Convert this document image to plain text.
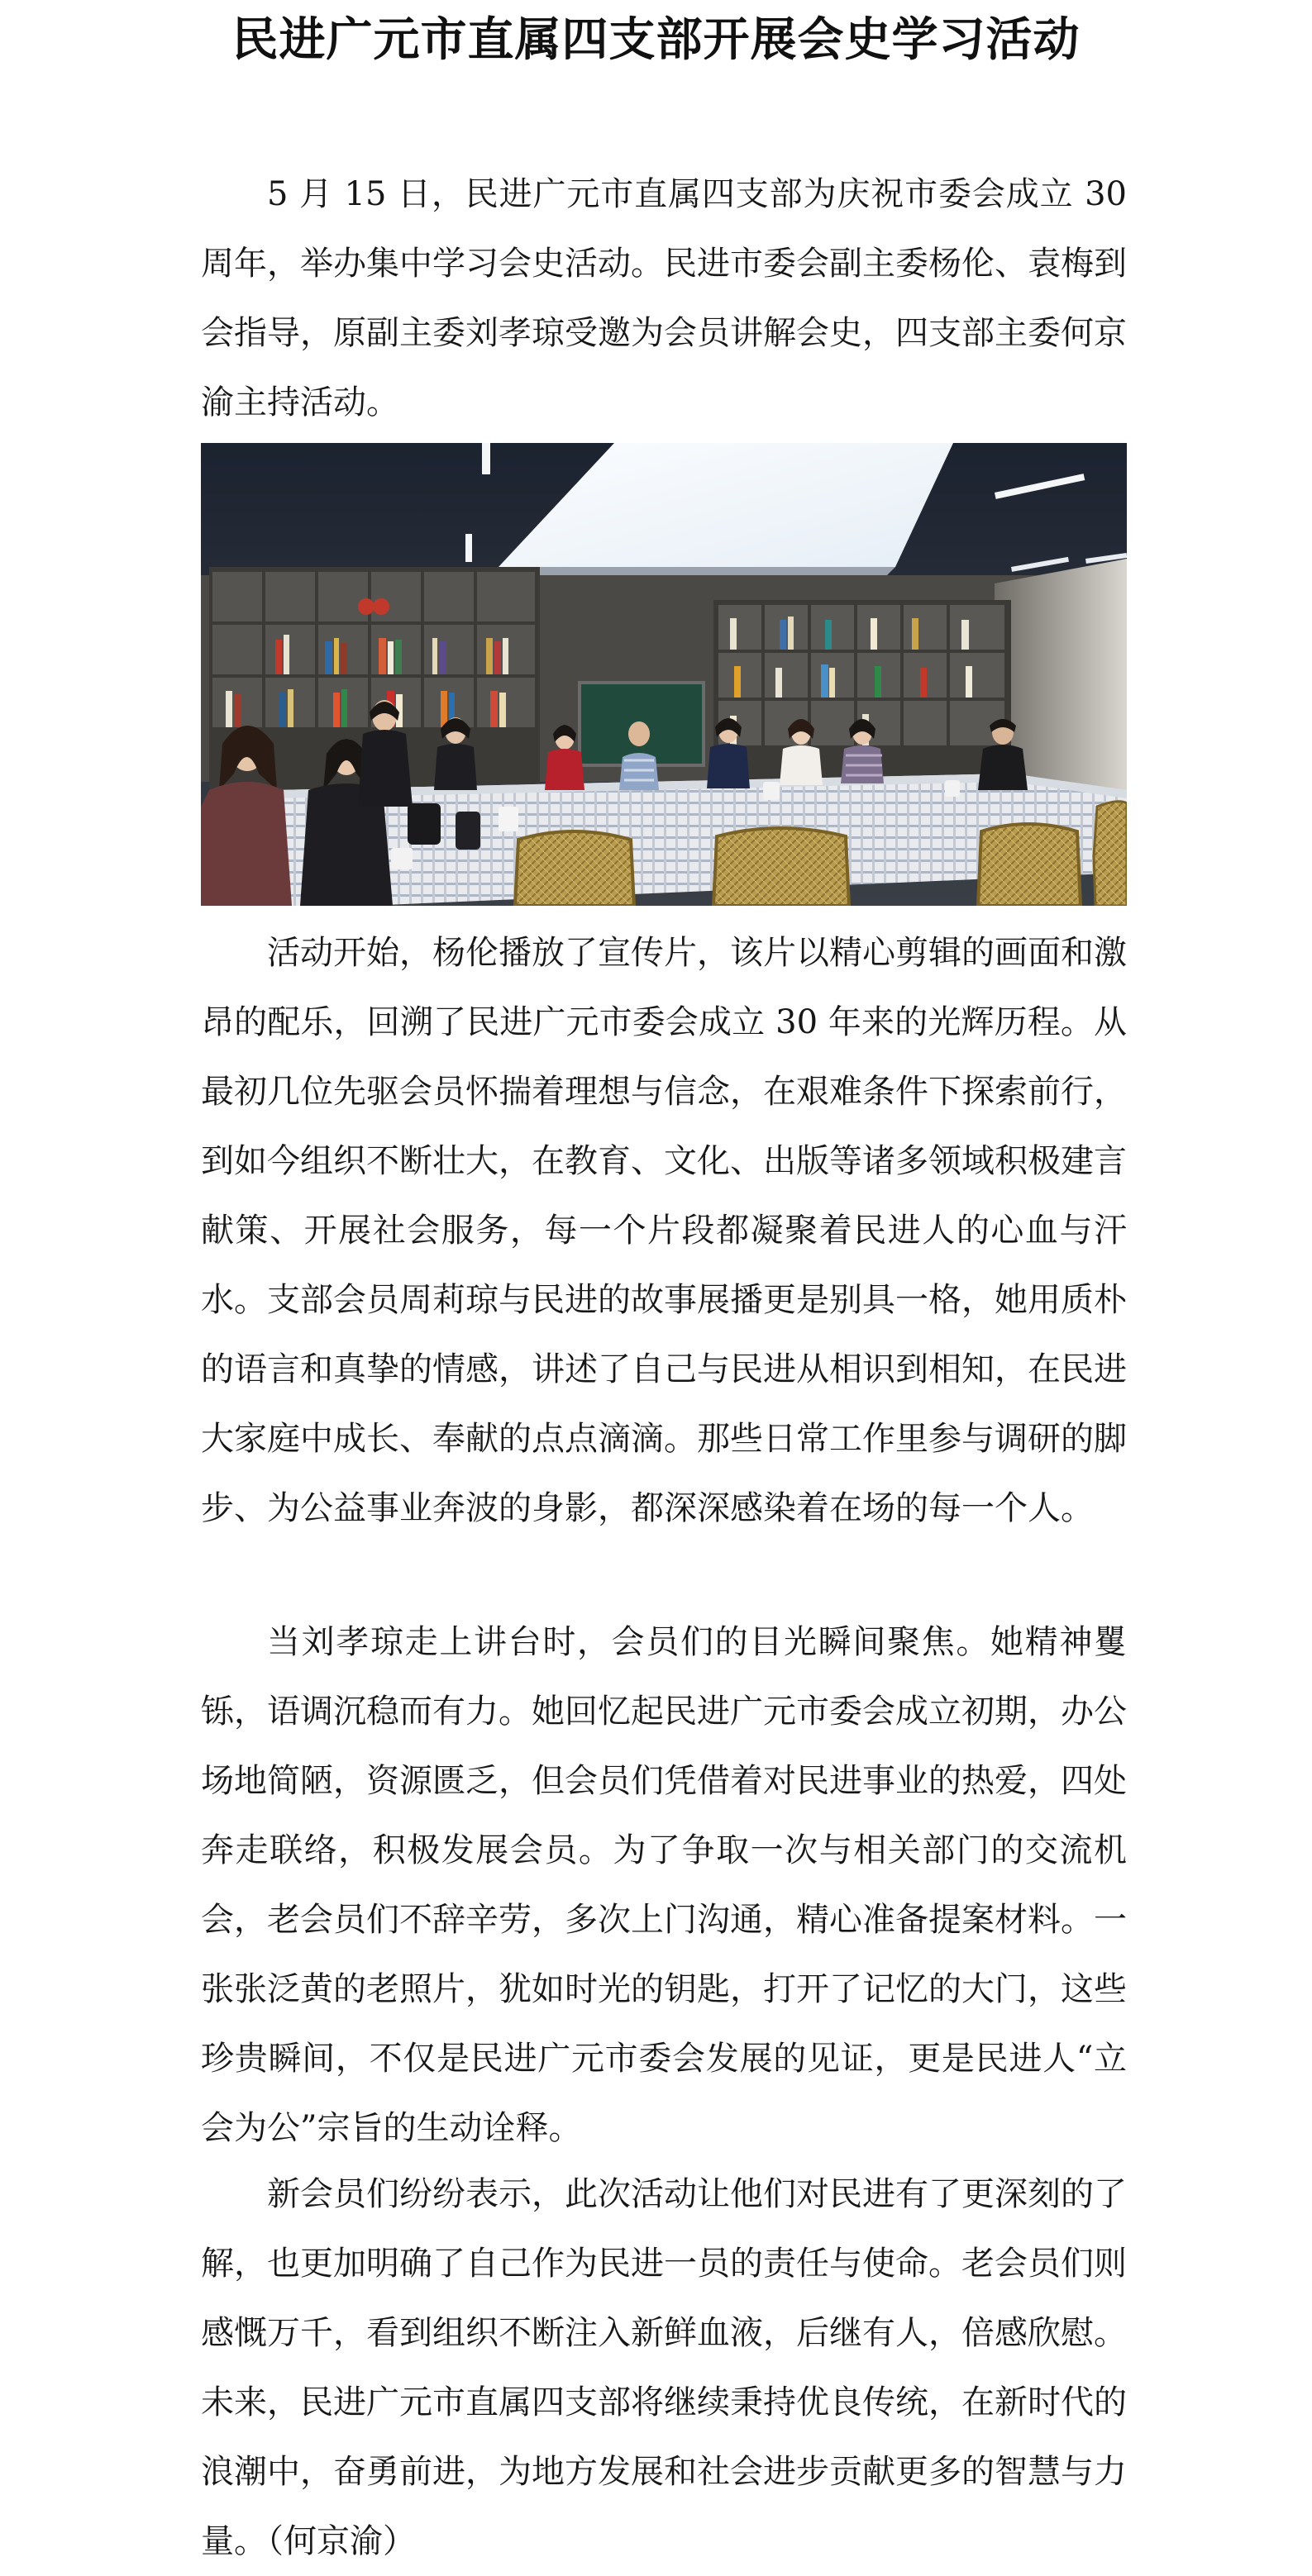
民进广元市直属四支部开展会史学习活动

5 月 15 日，民进广元市直属四支部为庆祝市委会成立 30 周年，举办集中学习会史活动。民进市委会副主委杨伦、袁梅到会指导，原副主委刘孝琼受邀为会员讲解会史，四支部主委何京渝主持活动。

活动开始，杨伦播放了宣传片，该片以精心剪辑的画面和激昂的配乐，回溯了民进广元市委会成立 30 年来的光辉历程。从最初几位先驱会员怀揣着理想与信念，在艰难条件下探索前行，到如今组织不断壮大，在教育、文化、出版等诸多领域积极建言献策、开展社会服务，每一个片段都凝聚着民进人的心血与汗水。支部会员周莉琼与民进的故事展播更是别具一格，她用质朴的语言和真挚的情感，讲述了自己与民进从相识到相知，在民进大家庭中成长、奉献的点点滴滴。那些日常工作里参与调研的脚步、为公益事业奔波的身影，都深深感染着在场的每一个人。

当刘孝琼走上讲台时，会员们的目光瞬间聚焦。她精神矍铄，语调沉稳而有力。她回忆起民进广元市委会成立初期，办公场地简陋，资源匮乏，但会员们凭借着对民进事业的热爱，四处奔走联络，积极发展会员。为了争取一次与相关部门的交流机会，老会员们不辞辛劳，多次上门沟通，精心准备提案材料。一张张泛黄的老照片，犹如时光的钥匙，打开了记忆的大门，这些珍贵瞬间，不仅是民进广元市委会发展的见证，更是民进人“立会为公”宗旨的生动诠释。

新会员们纷纷表示，此次活动让他们对民进有了更深刻的了解，也更加明确了自己作为民进一员的责任与使命。老会员们则感慨万千，看到组织不断注入新鲜血液，后继有人，倍感欣慰。未来，民进广元市直属四支部将继续秉持优良传统，在新时代的浪潮中，奋勇前进，为地方发展和社会进步贡献更多的智慧与力量。（何京渝）
